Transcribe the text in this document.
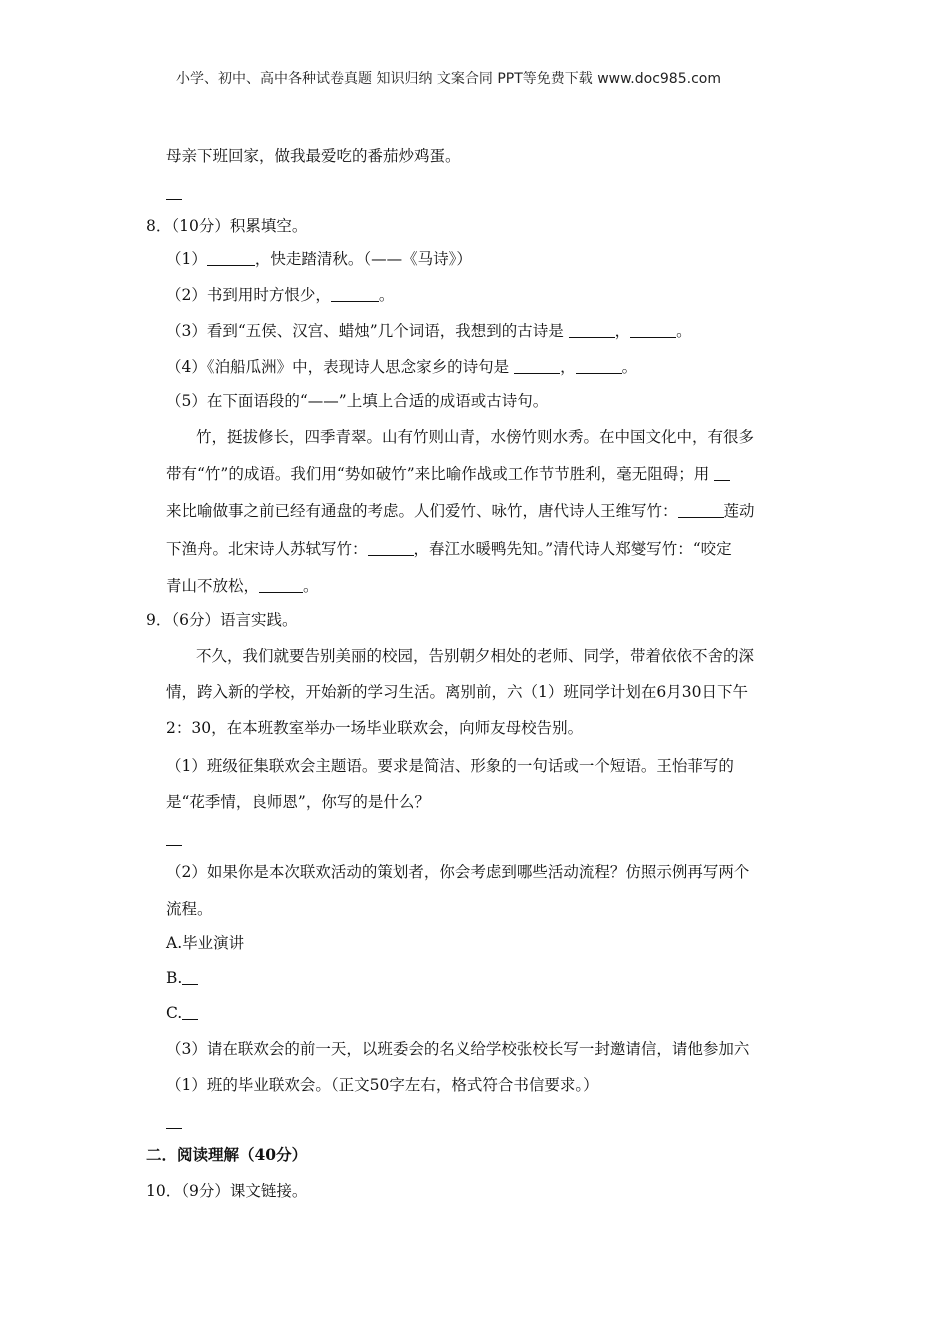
小学、初中、高中各种试卷真题 知识归纳 文案合同 PPT等免费下载 www.doc985.com
母亲下班回家，做我最爱吃的番茄炒鸡蛋。
8．（10分）积累填空。
（1）	，快走踏清秋。（——《马诗》）
（2）书到用时方恨少，	。
（3）看到“五侯、汉宫、蜡烛”几个词语，我想到的古诗是	，	。
（4）《泊船瓜洲》中，表现诗人思念家乡的诗句是	，	。
（5）在下面语段的“——”上填上合适的成语或古诗句。
竹，挺拔修长，四季青翠。山有竹则山青，水傍竹则水秀。在中国文化中，有很多
带有“竹”的成语。我们用“势如破竹”来比喻作战或工作节节胜利，毫无阻碍；用
来比喻做事之前已经有通盘的考虑。人们爱竹、咏竹，唐代诗人王维写竹：	莲动
下渔舟。北宋诗人苏轼写竹：	，春江水暖鸭先知。”清代诗人郑燮写竹：“咬定
青山不放松，	。
9．（6分）语言实践。
不久，我们就要告别美丽的校园，告别朝夕相处的老师、同学，带着依依不舍的深
情，跨入新的学校，开始新的学习生活。离别前，六（1）班同学计划在6月30日下午
2：30，在本班教室举办一场毕业联欢会，向师友母校告别。
（1）班级征集联欢会主题语。要求是简洁、形象的一句话或一个短语。王怡菲写的
是“花季情，良师恩”，你写的是什么？
（2）如果你是本次联欢活动的策划者，你会考虑到哪些活动流程？仿照示例再写两个
流程。
A.毕业演讲
B.
C.
（3）请在联欢会的前一天，以班委会的名义给学校张校长写一封邀请信，请他参加六
（1）班的毕业联欢会。（正文50字左右，格式符合书信要求。）
二．阅读理解（40分）
10．（9分）课文链接。
